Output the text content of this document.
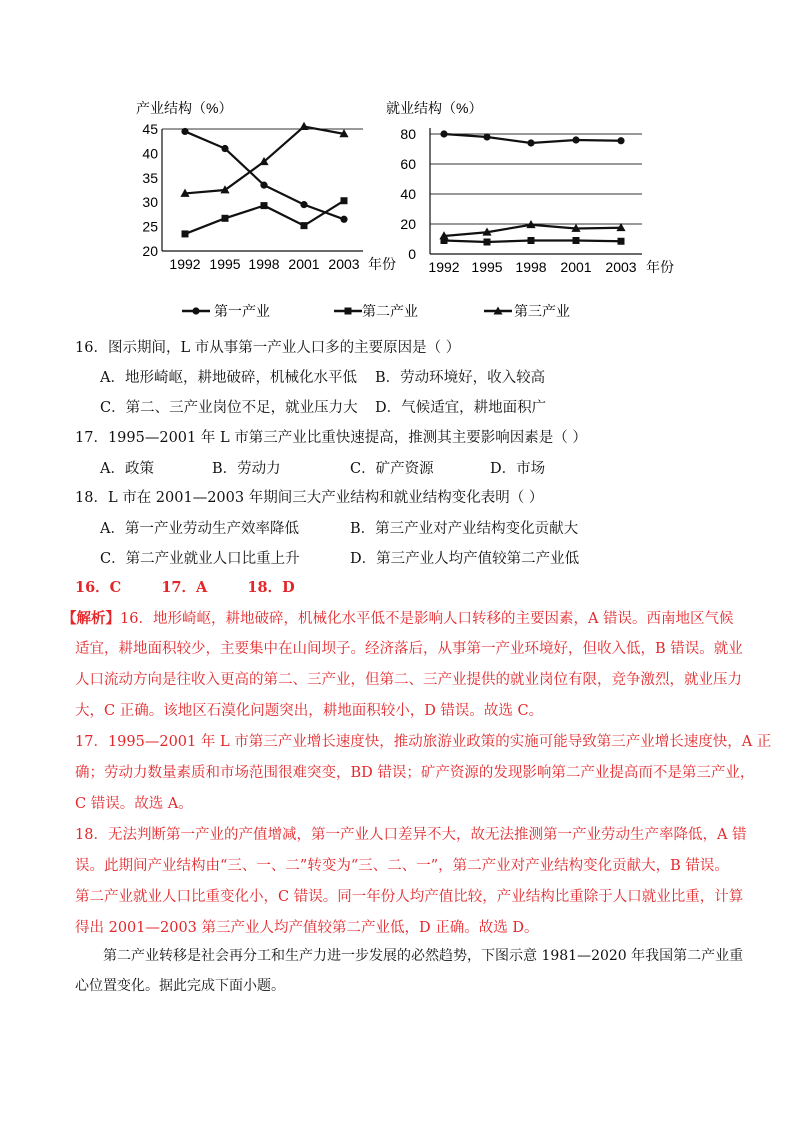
产业结构（%）
45
40
35
30
25
20
1992 1995 1998 2001 2003 年份
就业结构（%）
80
60
40
20
0
1992 1995 1998 2001 2003 年份
第一产业	第二产业	第三产业
16．图示期间，L 市从事第一产业人口多的主要原因是（ ）
A．地形崎岖，耕地破碎，机械化水平低 B．劳动环境好，收入较高
C．第二、三产业岗位不足，就业压力大 D．气候适宜，耕地面积广
17．1995—2001 年 L 市第三产业比重快速提高，推测其主要影响因素是（ ）
A．政策	B．劳动力	C．矿产资源	D．市场
18．L 市在 2001—2003 年期间三大产业结构和就业结构变化表明（ ）
A．第一产业劳动生产效率降低	B．第三产业对产业结构变化贡献大
C．第二产业就业人口比重上升	D．第三产业人均产值较第二产业低
16．C	17．A	18．D
【解析】16．地形崎岖，耕地破碎，机械化水平低不是影响人口转移的主要因素，A 错误。西南地区气候
适宜，耕地面积较少，主要集中在山间坝子。经济落后，从事第一产业环境好，但收入低，B 错误。就业
人口流动方向是往收入更高的第二、三产业，但第二、三产业提供的就业岗位有限，竞争激烈，就业压力
大，C 正确。该地区石漠化问题突出，耕地面积较小，D 错误。故选 C。
17．1995—2001 年 L 市第三产业增长速度快，推动旅游业政策的实施可能导致第三产业增长速度快，A 正
确；劳动力数量素质和市场范围很难突变，BD 错误；矿产资源的发现影响第二产业提高而不是第三产业，
C 错误。故选 A。
18．无法判断第一产业的产值增减，第一产业人口差异不大，故无法推测第一产业劳动生产率降低，A 错
误。此期间产业结构由“三、一、二”转变为“三、二、一”，第二产业对产业结构变化贡献大，B 错误。
第二产业就业人口比重变化小，C 错误。同一年份人均产值比较，产业结构比重除于人口就业比重，计算
得出 2001—2003 第三产业人均产值较第二产业低，D 正确。故选 D。
第二产业转移是社会再分工和生产力进一步发展的必然趋势，下图示意 1981—2020 年我国第二产业重
心位置变化。据此完成下面小题。
